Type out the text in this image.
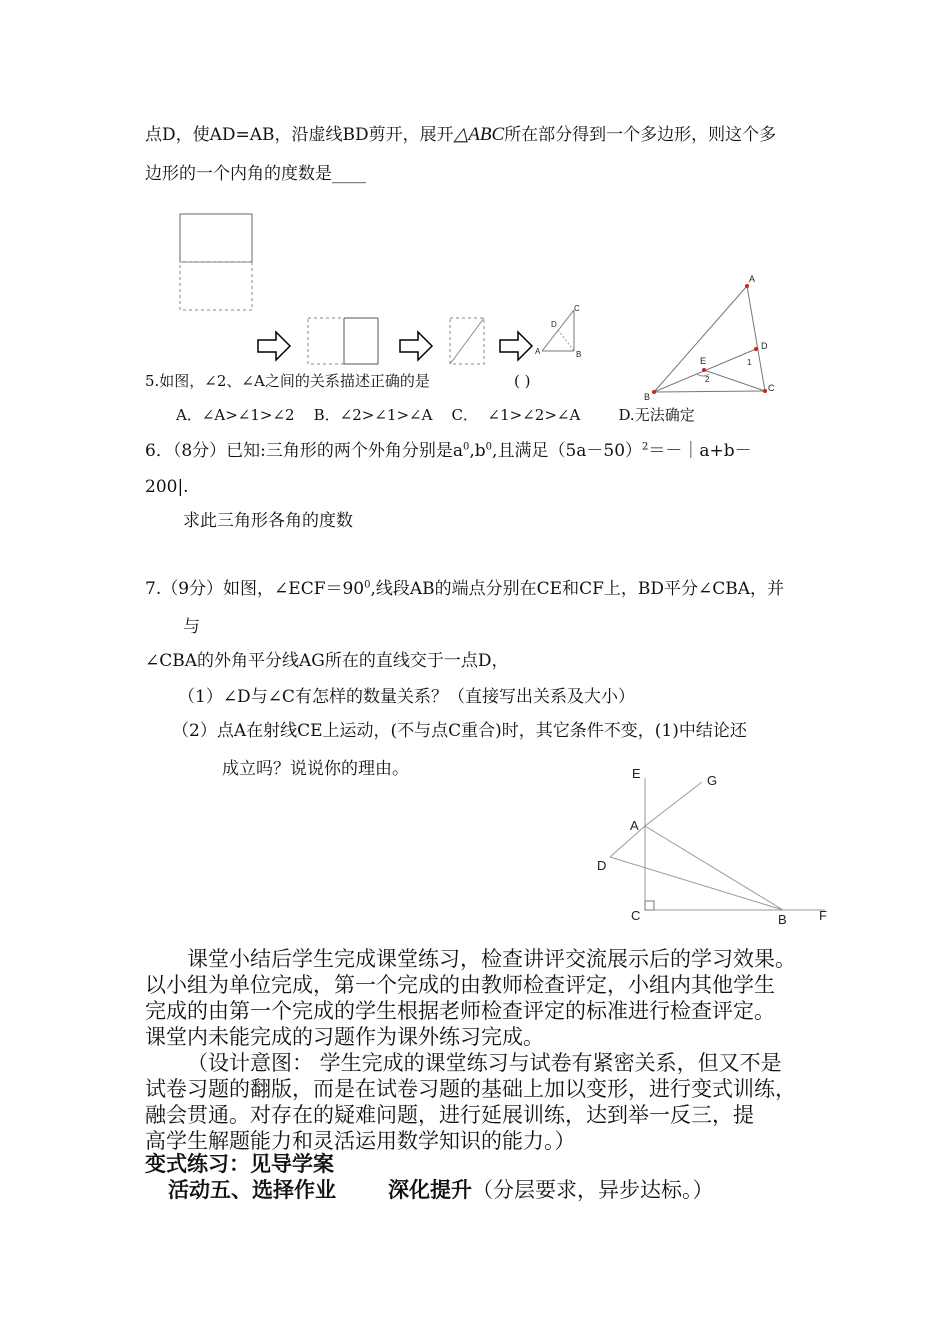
点D，使AD=AB，沿虚线BD剪开，展开△ABC所在部分得到一个多边形，则这个多
边形的一个内角的度数是____
C
D
A	B
A
D
E	1
2
B
C
5.如图，∠2、∠A之间的关系描述正确的是	( )
A．∠A>∠1>∠2    B．∠2>∠1>∠A    C．  ∠1>∠2>∠A        D.无法确定
6．（8分）已知:三角形的两个外角分别是$a^0,b^0$,且满足$(5a-50)^2=-|a+b-$
200|.
求此三角形各角的度数
7.（9分）如图，$\angle ECF=90^0$,线段AB的端点分别在CE和CF上，BD平分∠CBA，并
与
∠CBA的外角平分线AG所在的直线交于一点D，
（1）∠D与∠C有怎样的数量关系？（直接写出关系及大小）
（2）点A在射线CE上运动，(不与点C重合)时，其它条件不变，(1)中结论还
成立吗？说说你的理由。	E	G
A
D
C	B F
课堂小结后学生完成课堂练习，检查讲评交流展示后的学习效果。
以小组为单位完成，第一个完成的由教师检查评定，小组内其他学生
完成的由第一个完成的学生根据老师检查评定的标准进行检查评定。
课堂内未能完成的习题作为课外练习完成。
（设计意图： 学生完成的课堂练习与试卷有紧密关系，但又不是
试卷习题的翻版，而是在试卷习题的基础上加以变形，进行变式训练，
融会贯通。对存在的疑难问题，进行延展训练，达到举一反三，提
高学生解题能力和灵活运用数学知识的能力。）
变式练习：见导学案
活动五、选择作业 深化提升（分层要求，异步达标。）
